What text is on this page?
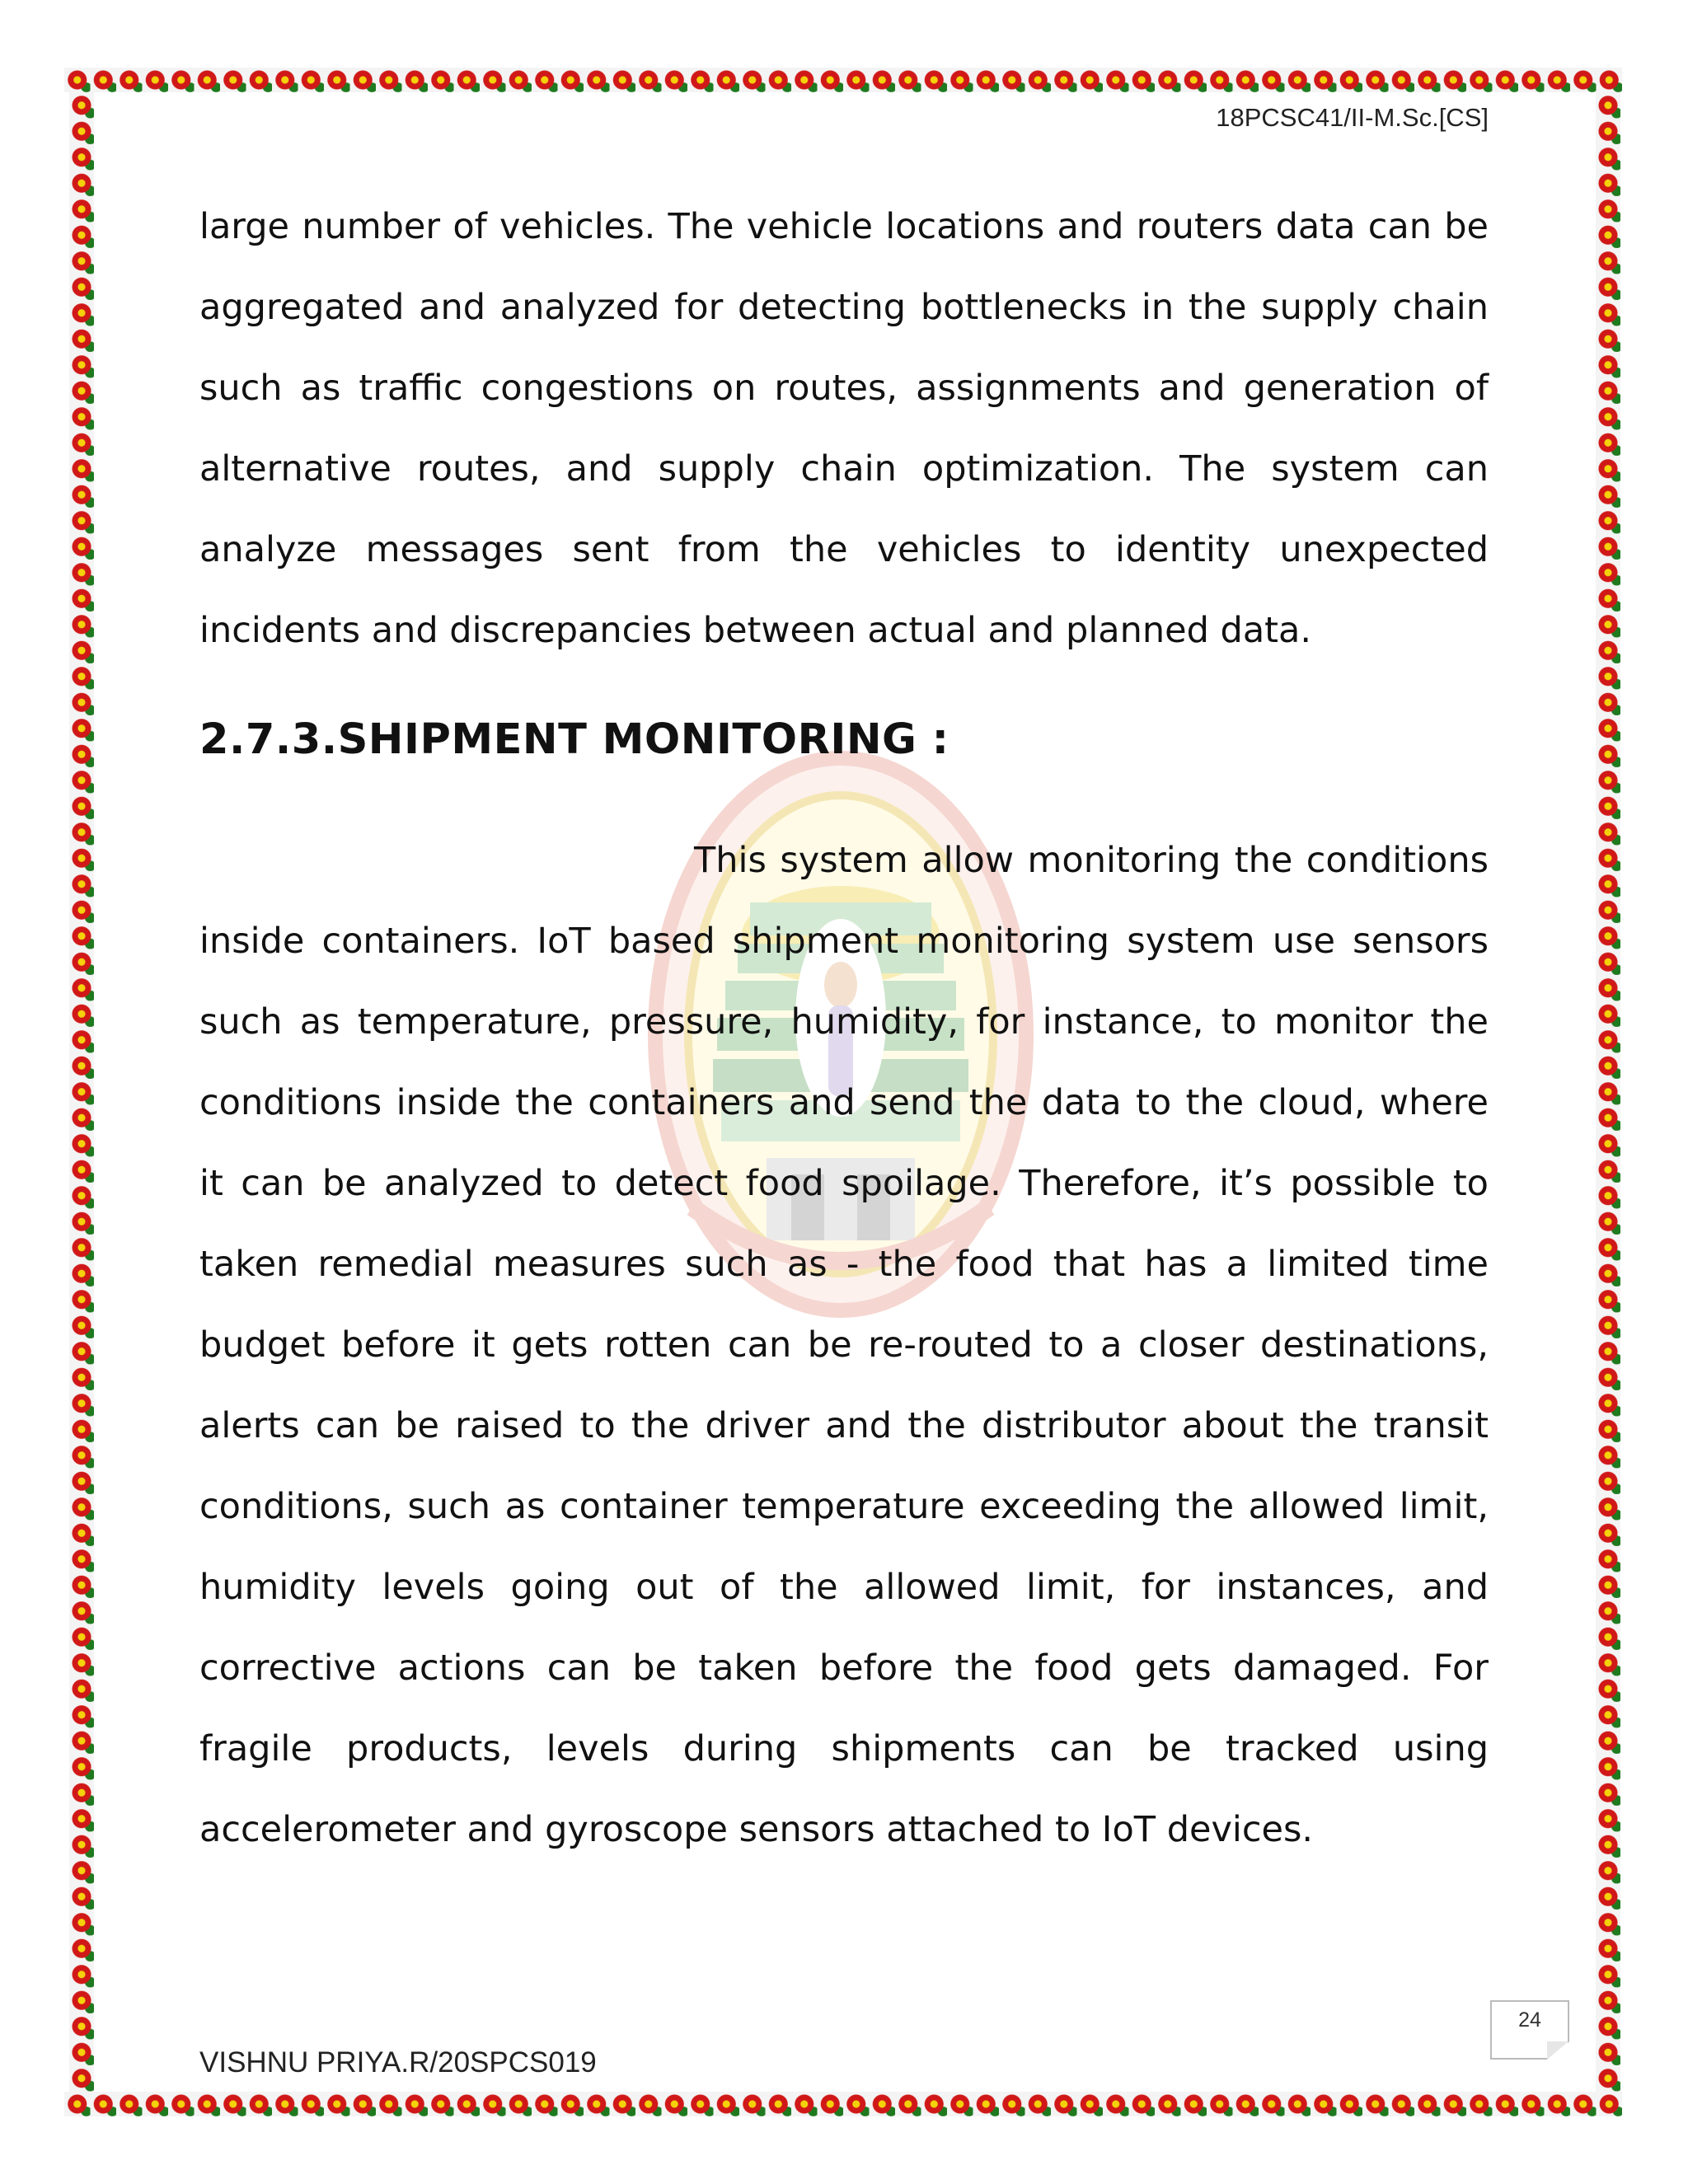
18PCSC41/II-M.Sc.[CS]

large number of vehicles. The vehicle locations and routers data can be aggregated and analyzed for detecting bottlenecks in the supply chain such as traffic congestions on routes, assignments and generation of alternative routes, and supply chain optimization. The system can analyze messages sent from the vehicles to identity unexpected incidents and discrepancies between actual and planned data.

2.7.3.SHIPMENT MONITORING :

This system allow monitoring the conditions inside containers. IoT based shipment monitoring system use sensors such as temperature, pressure, humidity, for instance, to monitor the conditions inside the containers and send the data to the cloud, where it can be analyzed to detect food spoilage. Therefore, it’s possible to taken remedial measures such as - the food that has a limited time budget before it gets rotten can be re-routed to a closer destinations, alerts can be raised to the driver and the distributor about the transit conditions, such as container temperature exceeding the allowed limit, humidity levels going out of the allowed limit, for instances, and corrective actions can be taken before the food gets damaged. For fragile products, levels during shipments can be tracked using accelerometer and gyroscope sensors attached to IoT devices.

VISHNU PRIYA.R/20SPCS019
24
